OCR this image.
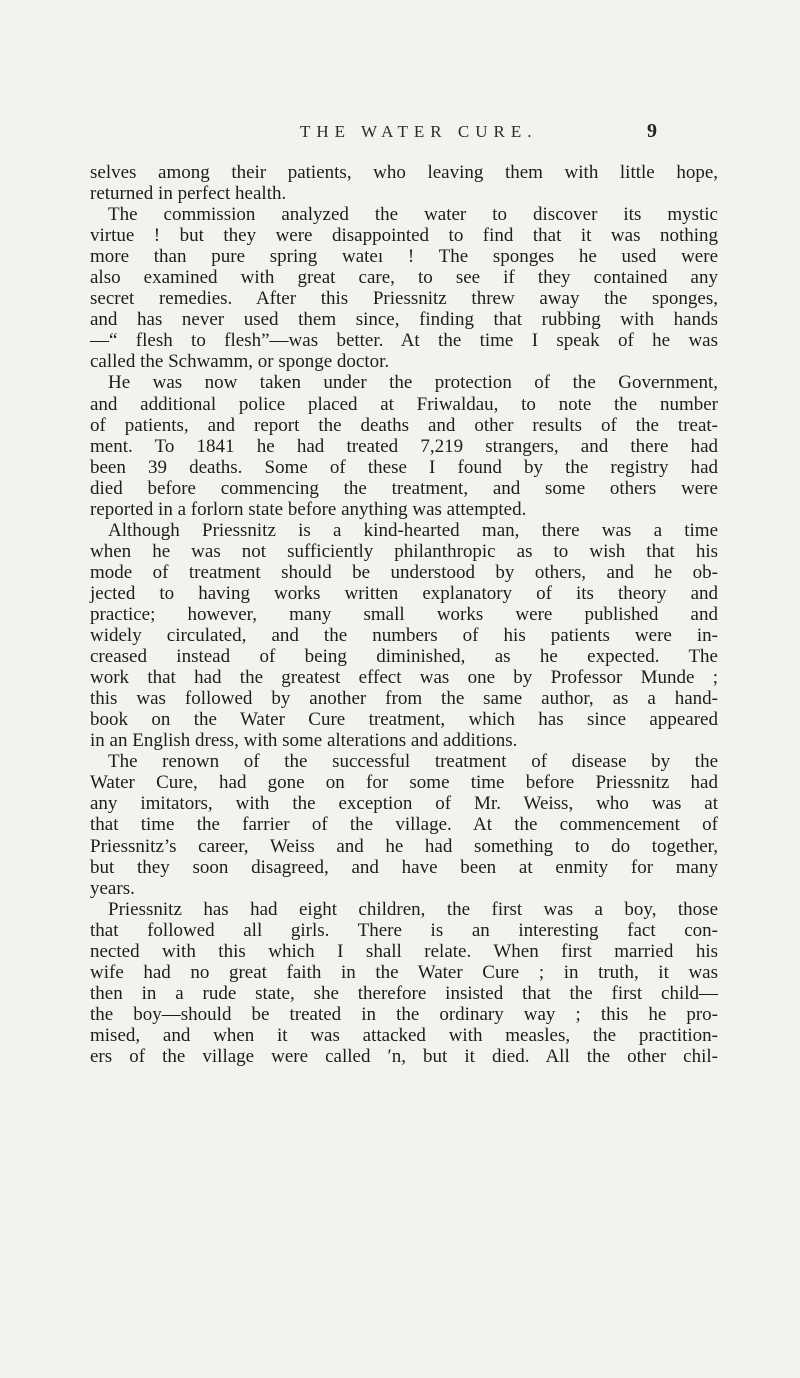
THE WATER CURE.	9
selves among their patients, who leaving them with little hope,
returned in perfect health.
The commission analyzed the water to discover its mystic
virtue ! but they were disappointed to find that it was nothing
more than pure spring wateı ! The sponges he used were
also examined with great care, to see if they contained any
secret remedies. After this Priessnitz threw away the sponges,
and has never used them since, finding that rubbing with hands
—“ flesh to flesh”—was better. At the time I speak of he was
called the Schwamm, or sponge doctor.
He was now taken under the protection of the Government,
and additional police placed at Friwaldau, to note the number
of patients, and report the deaths and other results of the treat-
ment. To 1841 he had treated 7,219 strangers, and there had
been 39 deaths. Some of these I found by the registry had
died before commencing the treatment, and some others were
reported in a forlorn state before anything was attempted.
Although Priessnitz is a kind-hearted man, there was a time
when he was not sufficiently philanthropic as to wish that his
mode of treatment should be understood by others, and he ob-
jected to having works written explanatory of its theory and
practice; however, many small works were published and
widely circulated, and the numbers of his patients were in-
creased instead of being diminished, as he expected. The
work that had the greatest effect was one by Professor Munde ;
this was followed by another from the same author, as a hand-
book on the Water Cure treatment, which has since appeared
in an English dress, with some alterations and additions.
The renown of the successful treatment of disease by the
Water Cure, had gone on for some time before Priessnitz had
any imitators, with the exception of Mr. Weiss, who was at
that time the farrier of the village. At the commencement of
Priessnitz’s career, Weiss and he had something to do together,
but they soon disagreed, and have been at enmity for many
years.
Priessnitz has had eight children, the first was a boy, those
that followed all girls. There is an interesting fact con-
nected with this which I shall relate. When first married his
wife had no great faith in the Water Cure ; in truth, it was
then in a rude state, she therefore insisted that the first child—
the boy—should be treated in the ordinary way ; this he pro-
mised, and when it was attacked with measles, the practition-
ers of the village were called ʹn, but it died. All the other chil-
